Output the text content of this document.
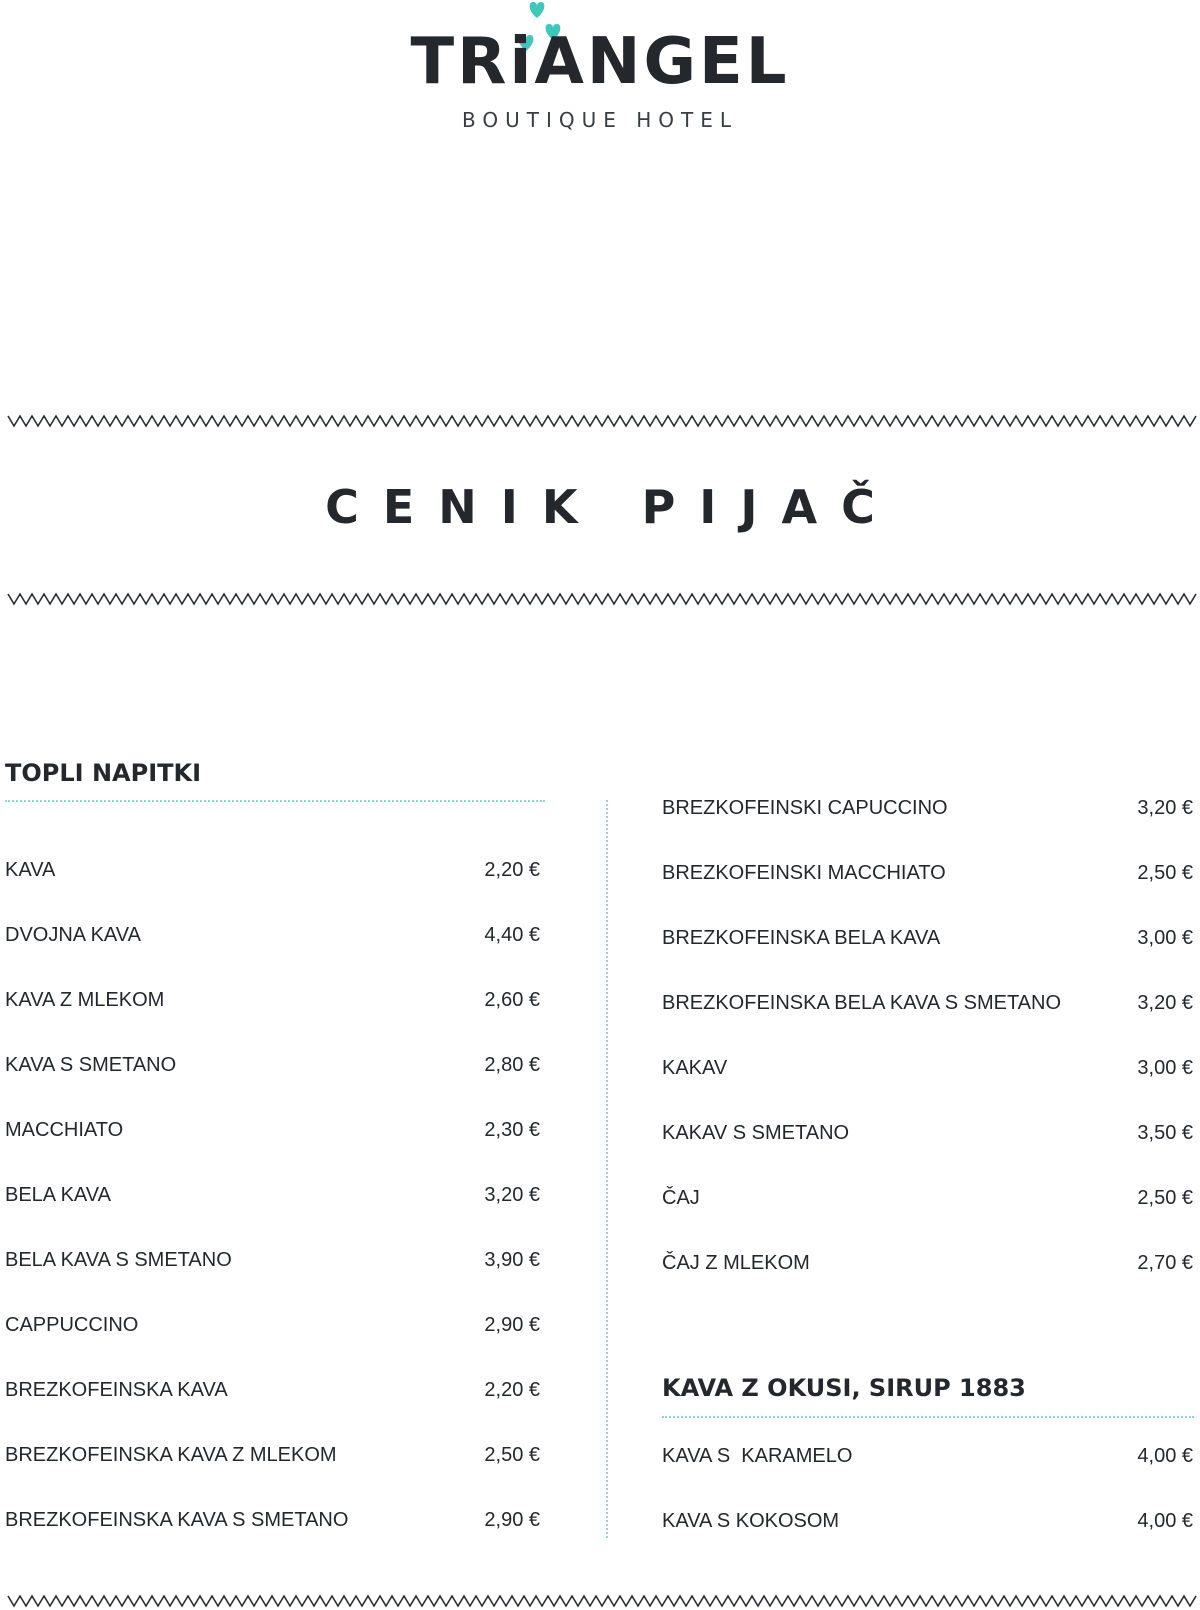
TRiANGEL
BOUTIQUE HOTEL
CENIK PIJAČ
TOPLI NAPITKI
KAVA	2,20 €
DVOJNA KAVA	4,40 €
KAVA Z MLEKOM	2,60 €
KAVA S SMETANO	2,80 €
MACCHIATO	2,30 €
BELA KAVA	3,20 €
BELA KAVA S SMETANO	3,90 €
CAPPUCCINO	2,90 €
BREZKOFEINSKA KAVA	2,20 €
BREZKOFEINSKA KAVA Z MLEKOM	2,50 €
BREZKOFEINSKA KAVA S SMETANO	2,90 €
BREZKOFEINSKI CAPUCCINO	3,20 €
BREZKOFEINSKI MACCHIATO	2,50 €
BREZKOFEINSKA BELA KAVA	3,00 €
BREZKOFEINSKA BELA KAVA S SMETANO	3,20 €
KAKAV	3,00 €
KAKAV S SMETANO	3,50 €
ČAJ	2,50 €
ČAJ Z MLEKOM	2,70 €
KAVA Z OKUSI, SIRUP 1883
KAVA S  KARAMELO	4,00 €
KAVA S KOKOSOM	4,00 €
